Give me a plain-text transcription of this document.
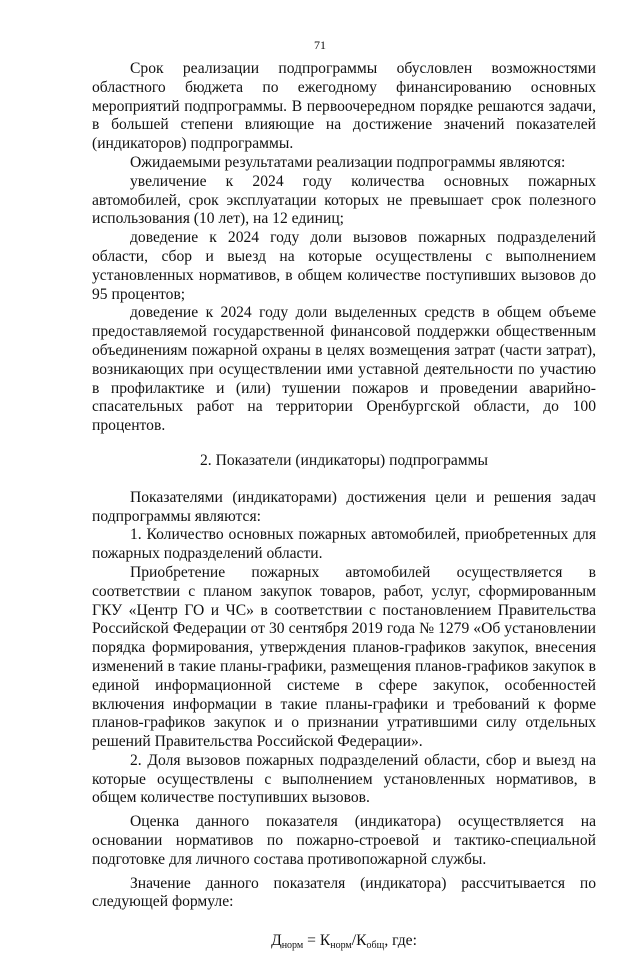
71

Срок реализации подпрограммы обусловлен возможностями областного бюджета по ежегодному финансированию основных мероприятий подпрограммы. В первоочередном порядке решаются задачи, в большей степени влияющие на достижение значений показателей (индикаторов) подпрограммы.

Ожидаемыми результатами реализации подпрограммы являются:

увеличение к 2024 году количества основных пожарных автомобилей, срок эксплуатации которых не превышает срок полезного использования (10 лет), на 12 единиц;

доведение к 2024 году доли вызовов пожарных подразделений области, сбор и выезд на которые осуществлены с выполнением установленных нормативов, в общем количестве поступивших вызовов до 95 процентов;

доведение к 2024 году доли выделенных средств в общем объеме предоставляемой государственной финансовой поддержки общественным объединениям пожарной охраны в целях возмещения затрат (части затрат), возникающих при осуществлении ими уставной деятельности по участию в профилактике и (или) тушении пожаров и проведении аварийно-спасательных работ на территории Оренбургской области, до 100 процентов.

2. Показатели (индикаторы) подпрограммы

Показателями (индикаторами) достижения цели и решения задач подпрограммы являются:

1. Количество основных пожарных автомобилей, приобретенных для пожарных подразделений области.

Приобретение пожарных автомобилей осуществляется в соответствии с планом закупок товаров, работ, услуг, сформированным ГКУ «Центр ГО и ЧС» в соответствии с постановлением Правительства Российской Федерации от 30 сентября 2019 года № 1279 «Об установлении порядка формирования, утверждения планов-графиков закупок, внесения изменений в такие планы-графики, размещения планов-графиков закупок в единой информационной системе в сфере закупок, особенностей включения информации в такие планы-графики и требований к форме планов-графиков закупок и о признании утратившими силу отдельных решений Правительства Российской Федерации».

2. Доля вызовов пожарных подразделений области, сбор и выезд на которые осуществлены с выполнением установленных нормативов, в общем количестве поступивших вызовов.

Оценка данного показателя (индикатора) осуществляется на основании нормативов по пожарно-строевой и тактико-специальной подготовке для личного состава противопожарной службы.

Значение данного показателя (индикатора) рассчитывается по следующей формуле:

$Д_{норм} = К_{норм}/К_{общ}$, где:
